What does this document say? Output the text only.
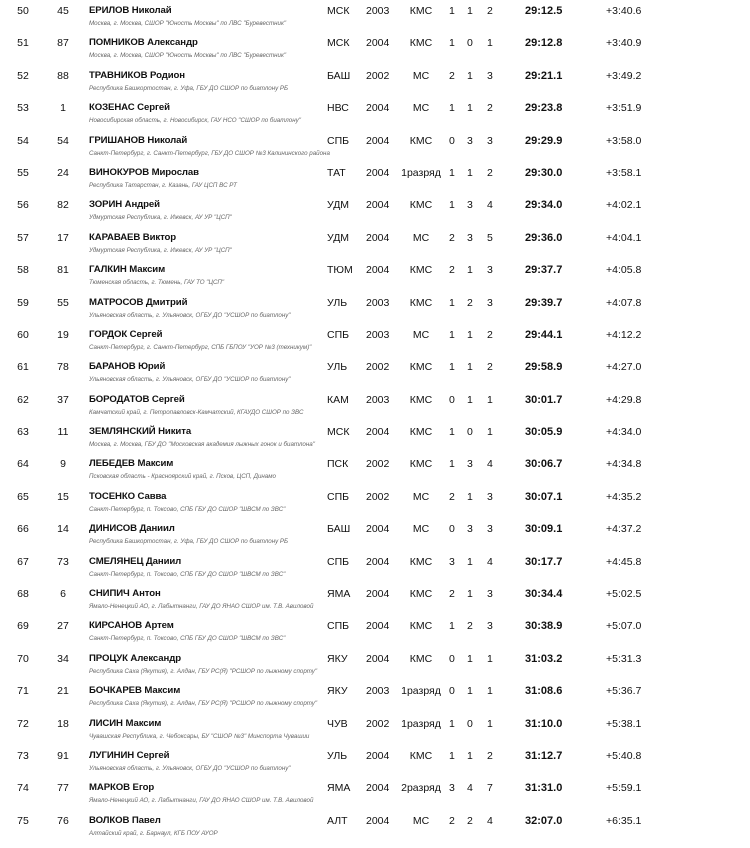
50	45	ЕРИЛОВ Николай	МСК	2003	КМС	1 1 2	29:12.5	+3:40.6
Москва, г. Москва, СШОР "Юность Москвы" по ЛВС "Буревестник"
51	87	ПОМНИКОВ Александр	МСК	2004	КМС	1 0 1	29:12.8	+3:40.9
Москва, г. Москва, СШОР "Юность Москвы" по ЛВС "Буревестник"
52	88	ТРАВНИКОВ Родион	БАШ	2002	МС	2 1 3	29:21.1	+3:49.2
Республика Башкортостан, г. Уфа, ГБУ ДО СШОР по биатлону РБ
53	1	КОЗЕНАС Сергей	НВС	2004	МС	1 1 2	29:23.8	+3:51.9
Новосибирская область, г. Новосибирск, ГАУ НСО "СШОР по биатлону"
54	54	ГРИШАНОВ Николай	СПБ	2004	КМС	0 3 3	29:29.9	+3:58.0
Санкт-Петербург, г. Санкт-Петербург, ГБУ ДО СШОР №3 Калининского района
55	24	ВИНОКУРОВ Мирослав	ТАТ	2004 1разряд 1 1 2	29:30.0	+3:58.1
Республика Татарстан, г. Казань, ГАУ ЦСП ВС РТ
56	82	ЗОРИН Андрей	УДМ	2004	КМС	1 3 4	29:34.0	+4:02.1
Удмуртская Республика, г. Ижевск, АУ УР "ЦСП"
57	17	КАРАВАЕВ Виктор	УДМ	2004	МС	2 3 5	29:36.0	+4:04.1
Удмуртская Республика, г. Ижевск, АУ УР "ЦСП"
58	81	ГАЛКИН Максим	ТЮМ	2004	КМС	2 1 3	29:37.7	+4:05.8
Тюменская область, г. Тюмень, ГАУ ТО "ЦСП"
59	55	МАТРОСОВ Дмитрий	УЛЬ	2003	КМС	1 2 3	29:39.7	+4:07.8
Ульяновская область, г. Ульяновск, ОГБУ ДО "УСШОР по биатлону"
60	19	ГОРДОК Сергей	СПБ	2003	МС	1 1 2	29:44.1	+4:12.2
Санкт-Петербург, г. Санкт-Петербург, СПБ ГБПОУ "УОР №3 (техникум)"
61	78	БАРАНОВ Юрий	УЛЬ	2002	КМС	1 1 2	29:58.9	+4:27.0
Ульяновская область, г. Ульяновск, ОГБУ ДО "УСШОР по биатлону"
62	37	БОРОДАТОВ Сергей	КАМ	2003	КМС	0 1 1	30:01.7	+4:29.8
Камчатский край, г. Петропавловск-Камчатский, КГАУДО СШОР по ЗВС
63	11	ЗЕМЛЯНСКИЙ Никита	МСК	2004	КМС	1 0 1	30:05.9	+4:34.0
Москва, г. Москва, ГБУ ДО "Московская академия лыжных гонок и биатлона"
64	9	ЛЕБЕДЕВ Максим	ПСК	2002	КМС	1 3 4	30:06.7	+4:34.8
Псковская область - Красноярский край, г. Псков, ЦСП, Динамо
65	15	ТОСЕНКО Савва	СПБ	2002	МС	2 1 3	30:07.1	+4:35.2
Санкт-Петербург, п. Токсово, СПБ ГБУ ДО СШОР "ШВСМ по ЗВС"
66	14	ДИНИСОВ Даниил	БАШ	2004	МС	0 3 3	30:09.1	+4:37.2
Республика Башкортостан, г. Уфа, ГБУ ДО СШОР по биатлону РБ
67	73	СМЕЛЯНЕЦ Даниил	СПБ	2004	КМС	3 1 4	30:17.7	+4:45.8
Санкт-Петербург, п. Токсово, СПБ ГБУ ДО СШОР "ШВСМ по ЗВС"
68	6	СНИПИЧ Антон	ЯМА	2004	КМС	2 1 3	30:34.4	+5:02.5
Ямало-Ненецкий АО, г. Лабытнанги, ГАУ ДО ЯНАО СШОР им. Т.В. Авиловой
69	27	КИРСАНОВ Артем	СПБ	2004	КМС	1 2 3	30:38.9	+5:07.0
Санкт-Петербург, п. Токсово, СПБ ГБУ ДО СШОР "ШВСМ по ЗВС"
70	34	ПРОЦУК Александр	ЯКУ	2004	КМС	0 1 1	31:03.2	+5:31.3
Республика Саха (Якутия), г. Алдан, ГБУ РС(Я) "РСШОР по лыжному спорту"
71	21	БОЧКАРЕВ Максим	ЯКУ	2003 1разряд 0 1 1	31:08.6	+5:36.7
Республика Саха (Якутия), г. Алдан, ГБУ РС(Я) "РСШОР по лыжному спорту"
72	18	ЛИСИН Максим	ЧУВ	2002 1разряд 1 0 1	31:10.0	+5:38.1
Чувашская Республика, г. Чебоксары, БУ "СШОР №3" Минспорта Чувашии
73	91	ЛУГИНИН Сергей	УЛЬ	2004	КМС	1 1 2	31:12.7	+5:40.8
Ульяновская область, г. Ульяновск, ОГБУ ДО "УСШОР по биатлону"
74	77	МАРКОВ Егор	ЯМА	2004 2разряд 3 4 7	31:31.0	+5:59.1
Ямало-Ненецкий АО, г. Лабытнанги, ГАУ ДО ЯНАО СШОР им. Т.В. Авиловой
75	76	ВОЛКОВ Павел	АЛТ	2004	МС	2 2 4	32:07.0	+6:35.1
Алтайский край, г. Барнаул, КГБ ПОУ АУОР
